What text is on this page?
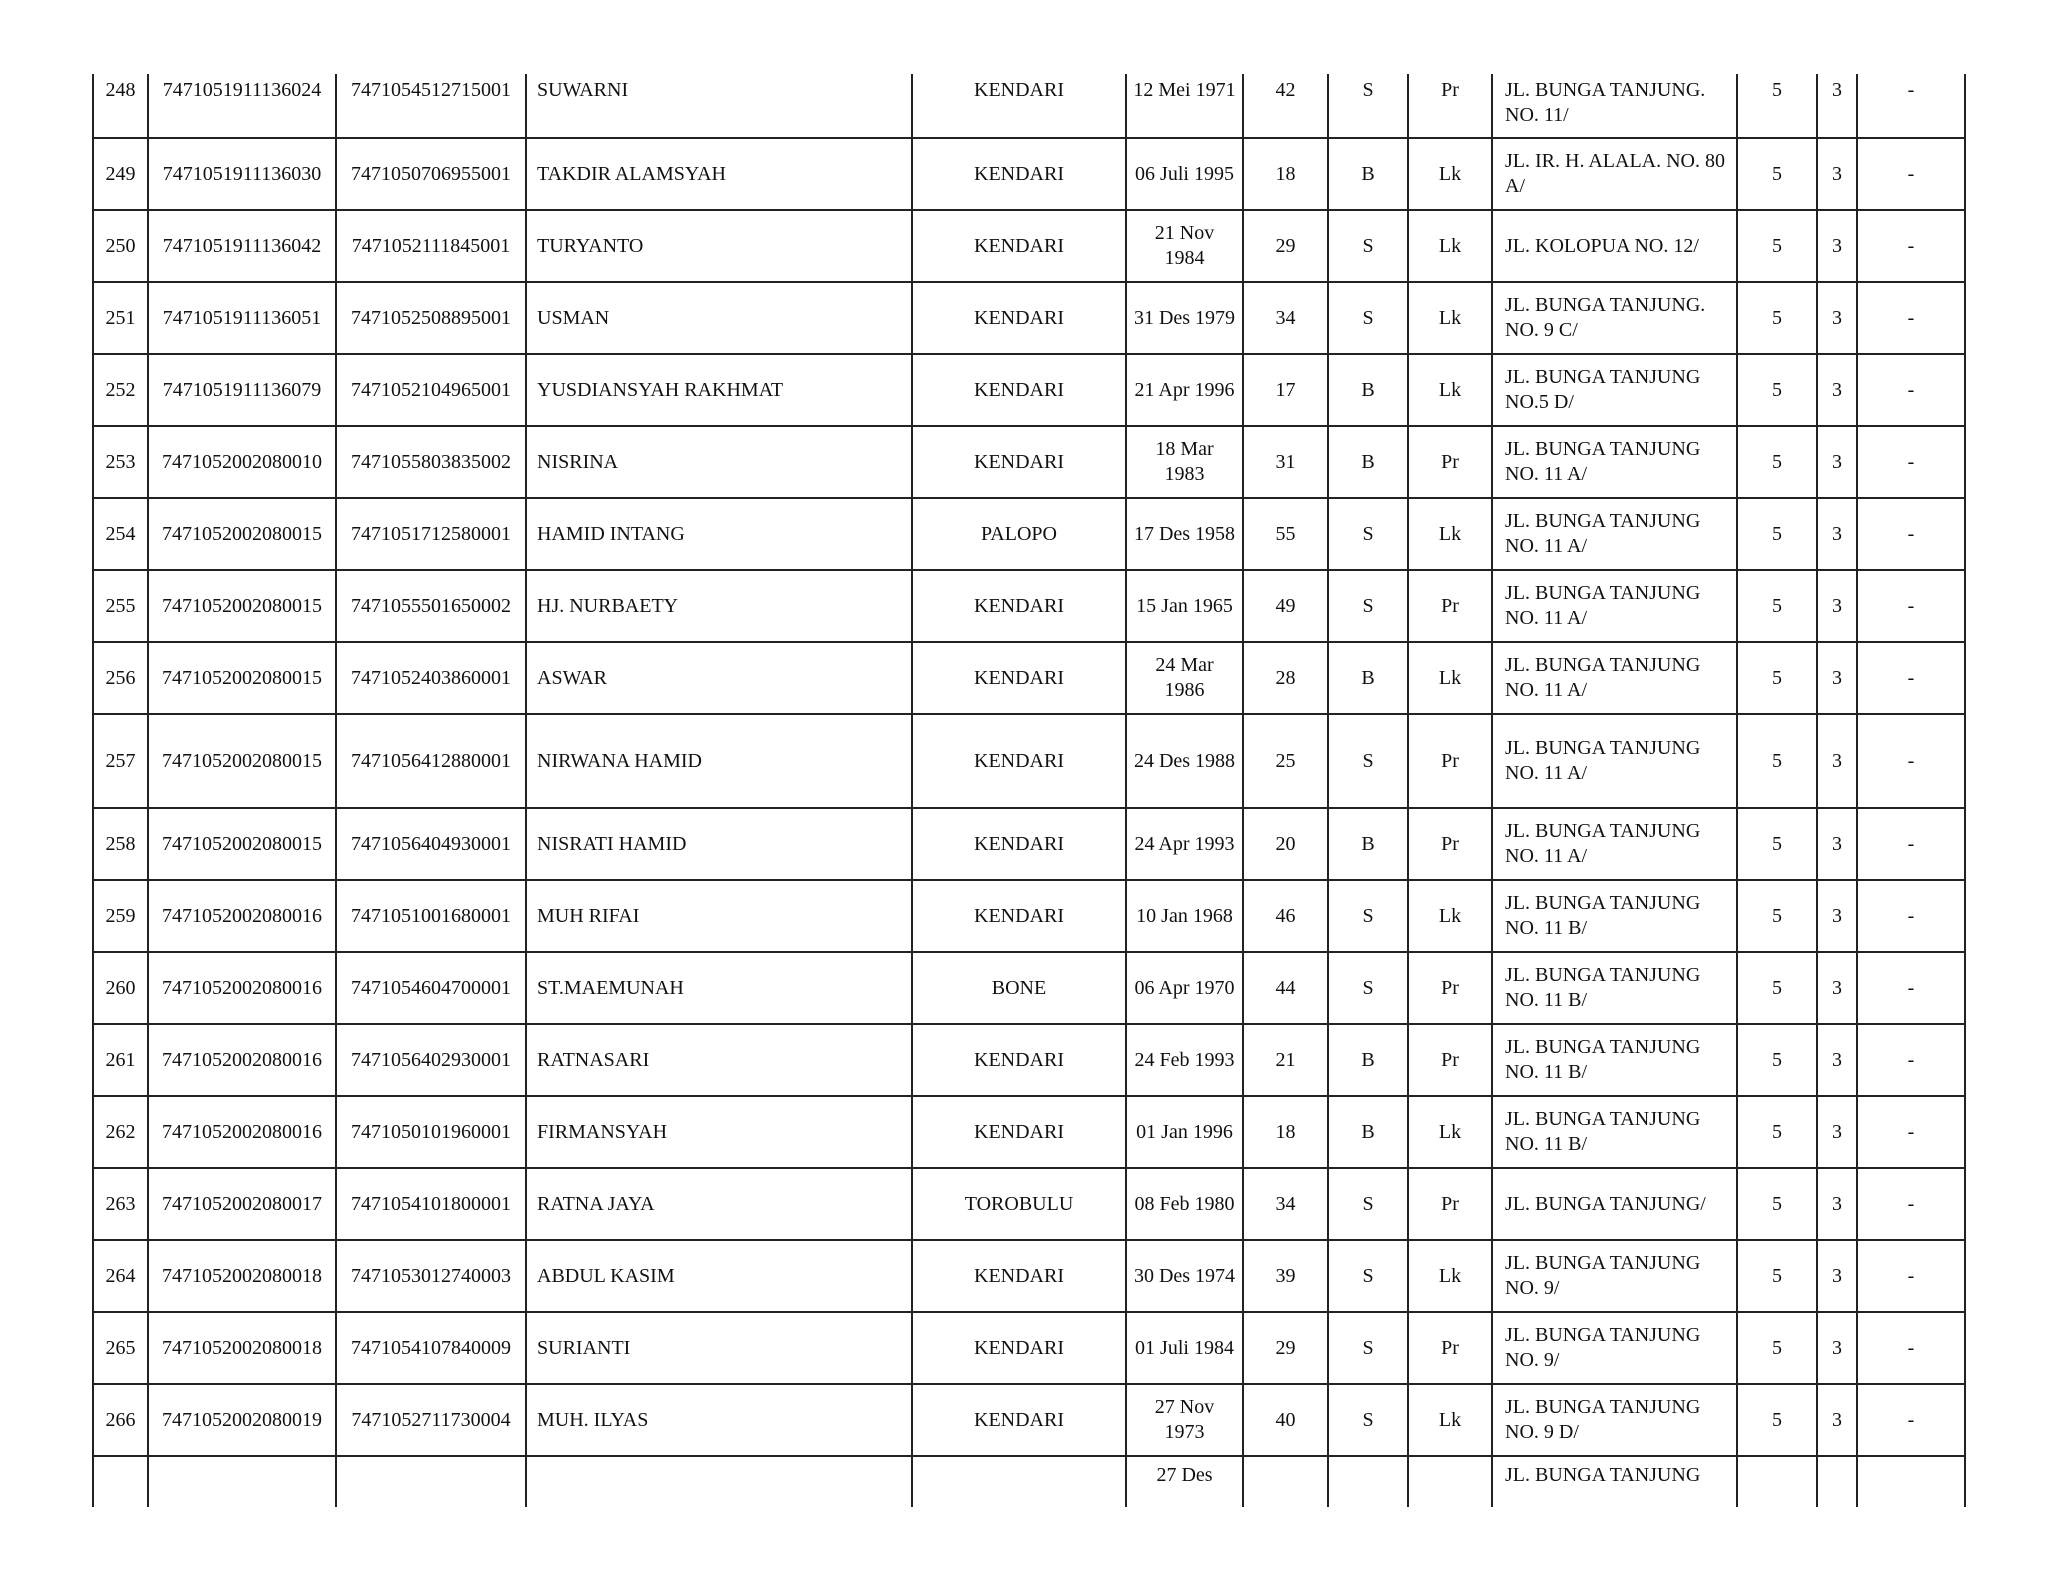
248	7471051911136024	7471054512715001	SUWARNI	KENDARI	12 Mei 1971	42	S	Pr	JL. BUNGA TANJUNG. NO. 11/	5	3	-
249	7471051911136030	7471050706955001	TAKDIR ALAMSYAH	KENDARI	06 Juli 1995	18	B	Lk	JL. IR. H. ALALA. NO. 80 A/	5	3	-
250	7471051911136042	7471052111845001	TURYANTO	KENDARI	21 Nov 1984	29	S	Lk	JL. KOLOPUA NO. 12/	5	3	-
251	7471051911136051	7471052508895001	USMAN	KENDARI	31 Des 1979	34	S	Lk	JL. BUNGA TANJUNG. NO. 9 C/	5	3	-
252	7471051911136079	7471052104965001	YUSDIANSYAH RAKHMAT	KENDARI	21 Apr 1996	17	B	Lk	JL. BUNGA TANJUNG NO.5 D/	5	3	-
253	7471052002080010	7471055803835002	NISRINA	KENDARI	18 Mar 1983	31	B	Pr	JL. BUNGA TANJUNG NO. 11 A/	5	3	-
254	7471052002080015	7471051712580001	HAMID INTANG	PALOPO	17 Des 1958	55	S	Lk	JL. BUNGA TANJUNG NO. 11 A/	5	3	-
255	7471052002080015	7471055501650002	HJ. NURBAETY	KENDARI	15 Jan 1965	49	S	Pr	JL. BUNGA TANJUNG NO. 11 A/	5	3	-
256	7471052002080015	7471052403860001	ASWAR	KENDARI	24 Mar 1986	28	B	Lk	JL. BUNGA TANJUNG NO. 11 A/	5	3	-
257	7471052002080015	7471056412880001	NIRWANA HAMID	KENDARI	24 Des 1988	25	S	Pr	JL. BUNGA TANJUNG NO. 11 A/	5	3	-
258	7471052002080015	7471056404930001	NISRATI HAMID	KENDARI	24 Apr 1993	20	B	Pr	JL. BUNGA TANJUNG NO. 11 A/	5	3	-
259	7471052002080016	7471051001680001	MUH RIFAI	KENDARI	10 Jan 1968	46	S	Lk	JL. BUNGA TANJUNG NO. 11 B/	5	3	-
260	7471052002080016	7471054604700001	ST.MAEMUNAH	BONE	06 Apr 1970	44	S	Pr	JL. BUNGA TANJUNG NO. 11 B/	5	3	-
261	7471052002080016	7471056402930001	RATNASARI	KENDARI	24 Feb 1993	21	B	Pr	JL. BUNGA TANJUNG NO. 11 B/	5	3	-
262	7471052002080016	7471050101960001	FIRMANSYAH	KENDARI	01 Jan 1996	18	B	Lk	JL. BUNGA TANJUNG NO. 11 B/	5	3	-
263	7471052002080017	7471054101800001	RATNA JAYA	TOROBULU	08 Feb 1980	34	S	Pr	JL. BUNGA TANJUNG/	5	3	-
264	7471052002080018	7471053012740003	ABDUL KASIM	KENDARI	30 Des 1974	39	S	Lk	JL. BUNGA TANJUNG NO. 9/	5	3	-
265	7471052002080018	7471054107840009	SURIANTI	KENDARI	01 Juli 1984	29	S	Pr	JL. BUNGA TANJUNG NO. 9/	5	3	-
266	7471052002080019	7471052711730004	MUH. ILYAS	KENDARI	27 Nov 1973	40	S	Lk	JL. BUNGA TANJUNG NO. 9 D/	5	3	-
					27 Des				JL. BUNGA TANJUNG			
